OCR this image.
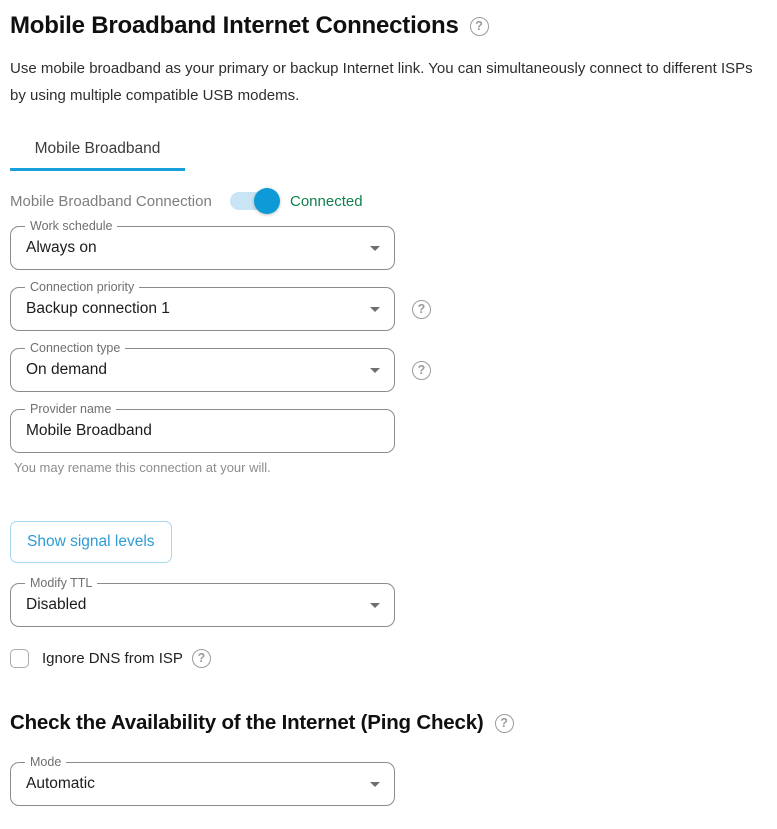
Mobile Broadband Internet Connections	?

Use mobile broadband as your primary or backup Internet link. You can simultaneously connect to different ISPs by using multiple compatible USB modems.

Mobile Broadband
Mobile Broadband Connection	Connected
Work schedule
Always on
Connection priority
Backup connection 1	?
Connection type
On demand	?
Provider name
Mobile Broadband
You may rename this connection at your will.
Show signal levels
Modify TTL
Disabled
Ignore DNS from ISP	?
Check the Availability of the Internet (Ping Check)	?
Mode
Automatic
